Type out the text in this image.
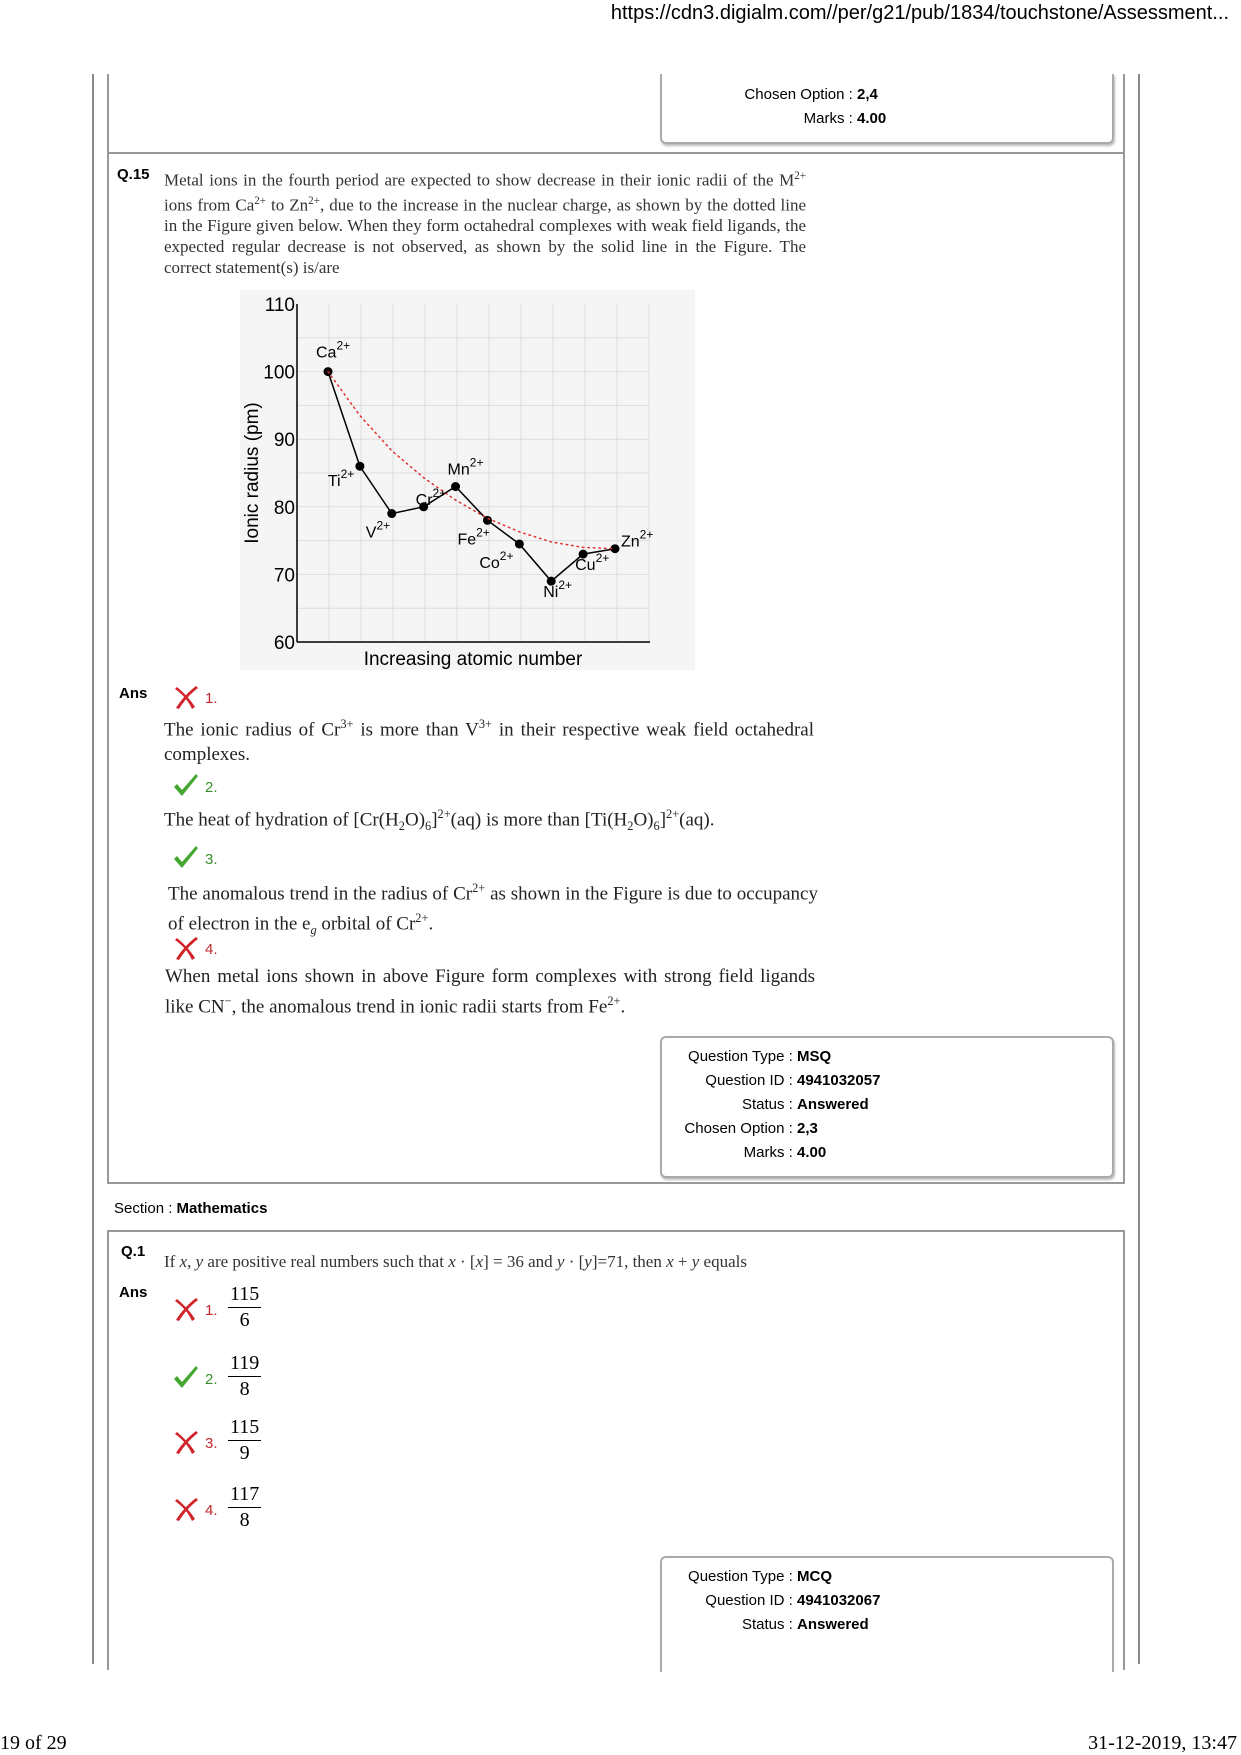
https://cdn3.digialm.com//per/g21/pub/1834/touchstone/Assessment...
Chosen Option : 2,4
Marks : 4.00
Q.15 Metal ions in the fourth period are expected to show decrease in their ionic radii of the $M^{2+}$ ions from $Ca^{2+}$ to $Zn^{2+}$, due to the increase in the nuclear charge, as shown by the dotted line in the Figure given below. When they form octahedral complexes with weak field ligands, the expected regular decrease is not observed, as shown by the solid line in the Figure. The correct statement(s) is/are
60
70
80
90
100
110
Increasing atomic number
Ionic radius (pm)
$Ca^{2+}$
$Ti^{2+}$
$V^{2+}$
$Cr^{2+}$
$Mn^{2+}$
$Fe^{2+}$
$Co^{2+}$
$Ni^{2+}$
$Cu^{2+}$
$Zn^{2+}$
Ans	1.
The ionic radius of $Cr^{3+}$ is more than $V^{3+}$ in their respective weak field octahedral complexes.
2.
The heat of hydration of $[Cr(H_2O)_6]^{2+}(aq)$ is more than $[Ti(H_2O)_6]^{2+}(aq)$.
3.
The anomalous trend in the radius of $Cr^{2+}$ as shown in the Figure is due to occupancy of electron in the $e_g$ orbital of $Cr^{2+}$.
4.
When metal ions shown in above Figure form complexes with strong field ligands like CN−, the anomalous trend in ionic radii starts from $Fe^{2+}$.
Question Type : MSQ
Question ID : 4941032057
Status : Answered
Chosen Option : 2,3
Marks : 4.00
Section : Mathematics
Q.1
If x, y are positive real numbers such that x · [x] = 36 and y · [y]=71, then x + y equals
Ans
1.
115
6
2.
119
8
3.
115
9
4.
117
8
Question Type : MCQ
Question ID : 4941032067
Status : Answered
19 of 29	31-12-2019, 13:47
